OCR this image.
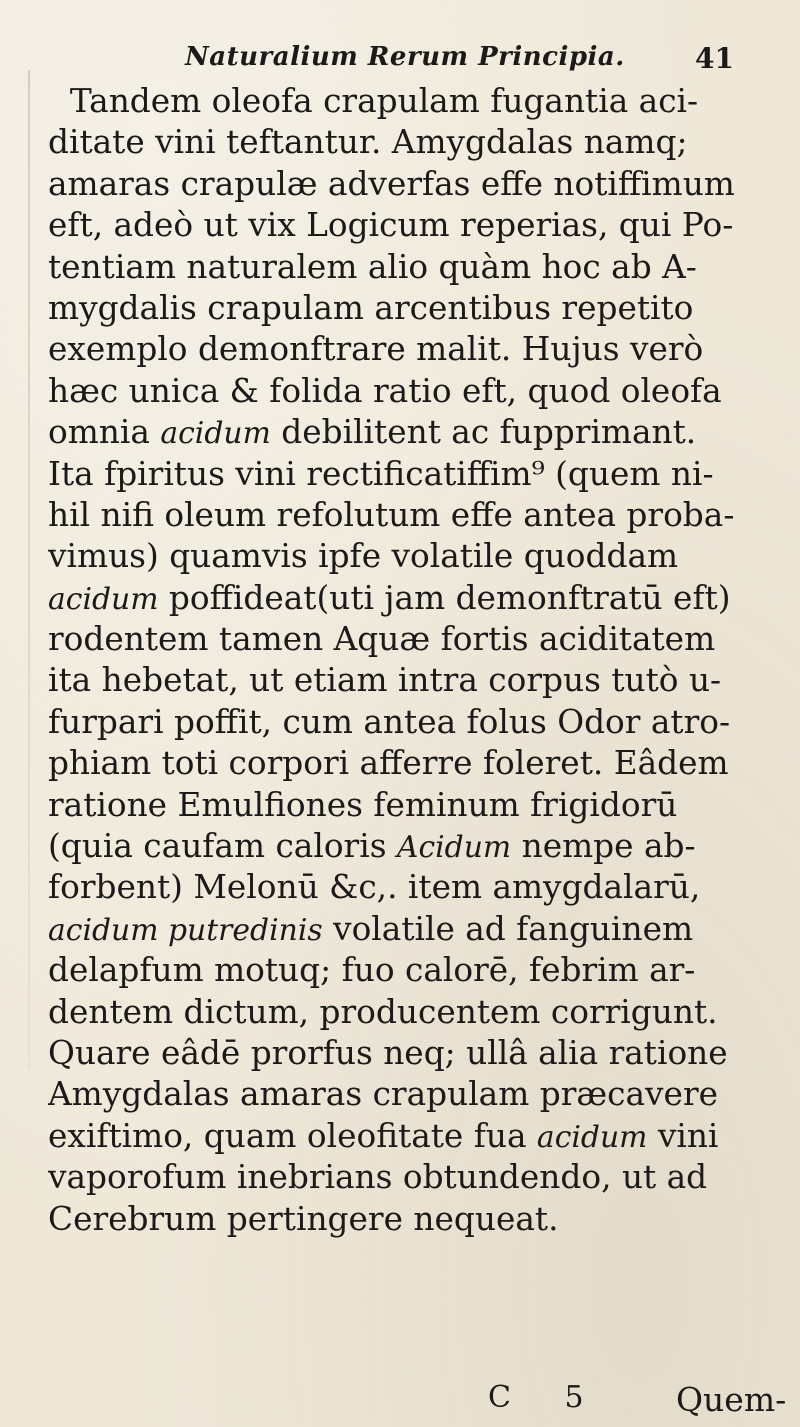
Naturalium Rerum Principia.	41
Tandem oleofa crapulam fugantia aci-
ditate vini teftantur. Amygdalas namq;
amaras crapulæ adverfas effe notiffimum
eft, adeò ut vix Logicum reperias, qui Po-
tentiam naturalem alio quàm hoc ab A-
mygdalis crapulam arcentibus repetito
exemplo demonftrare malit. Hujus verò
hæc unica & folida ratio eft, quod oleofa
omnia acidum debilitent ac fupprimant.
Ita fpiritus vini rectificatiffim⁹ (quem ni-
hil nifi oleum refolutum effe antea proba-
vimus) quamvis ipfe volatile quoddam
acidum poffideat(uti jam demonftratū eft)
rodentem tamen Aquæ fortis aciditatem
ita hebetat, ut etiam intra corpus tutò u-
furpari poffit, cum antea folus Odor atro-
phiam toti corpori afferre foleret. Eâdem
ratione Emulfiones feminum frigidorū
(quia caufam caloris Acidum nempe ab-
forbent) Melonū &c,. item amygdalarū,
acidum putredinis volatile ad fanguinem
delapfum motuq; fuo calorē, febrim ar-
dentem dictum, producentem corrigunt.
Quare eâdē prorfus neq; ullâ alia ratione
Amygdalas amaras crapulam præcavere
exiftimo, quam oleofitate fua acidum vini
vaporofum inebrians obtundendo, ut ad
Cerebrum pertingere nequeat.
C 5 Quem-
